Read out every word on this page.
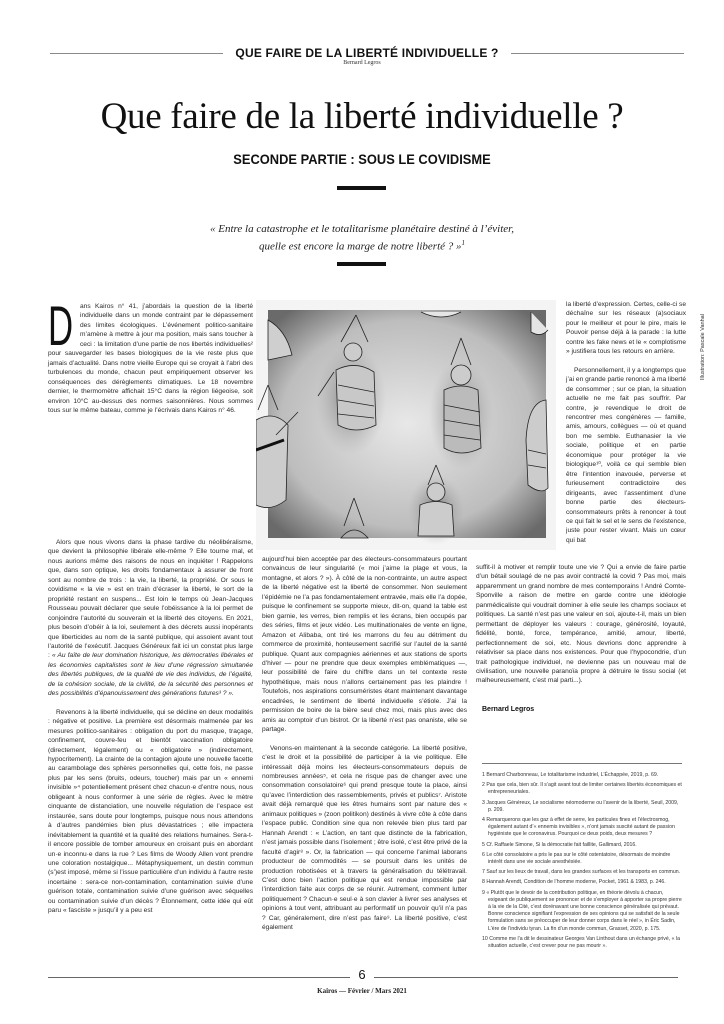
QUE FAIRE DE LA LIBERTÉ INDIVIDUELLE ?
Bernard Legros
Que faire de la liberté individuelle ?
SECONDE PARTIE : SOUS LE COVIDISME
« Entre la catastrophe et le totalitarisme planétaire destiné à l’éviter,
quelle est encore la marge de notre liberté ? »$^1$
Illustration: Pascale Vanhal

D ans Kairos n° 41, j’abordais la question de la liberté individuelle dans un monde contraint par le dépassement des limites écologiques. L’événement politico-sanitaire m’amène à mettre à jour ma position, mais sans toucher à ceci : la limitation d’une partie de nos libertés individuelles² pour sauvegarder les bases biologiques de la vie reste plus que jamais d’actualité. Dans notre vieille Europe qui se croyait à l’abri des turbulences du monde, chacun peut empiriquement observer les conséquences des dérèglements climatiques. Le 18 novembre dernier, le thermomètre affichait 15°C dans la région liégeoise, soit environ 10°C au-dessus des normes saisonnières. Nous sommes tous sur le même bateau, comme je l’écrivais dans Kairos n° 46.

Alors que nous vivons dans la phase tardive du néolibéralisme, que devient la philosophie libérale elle-même ? Elle tourne mal, et nous aurions même des raisons de nous en inquiéter ! Rappelons que, dans son optique, les droits fondamentaux à assurer de front sont au nombre de trois : la vie, la liberté, la propriété. Or sous le covidisme « la vie » est en train d’écraser la liberté, le sort de la propriété restant en suspens... Est loin le temps où Jean-Jacques Rousseau pouvait déclarer que seule l’obéissance à la loi permet de conjoindre l’autorité du souverain et la liberté des citoyens. En 2021, plus besoin d’obéir à la loi, seulement à des décrets aussi inopérants que liberticides au nom de la santé publique, qui assoient avant tout l’autorité de l’exécutif. Jacques Généreux fait ici un constat plus large : « Au faîte de leur domination historique, les démocraties libérales et les économies capitalistes sont le lieu d’une régression simultanée des libertés publiques, de la qualité de vie des individus, de l’égalité, de la cohésion sociale, de la civilité, de la sécurité des personnes et des possibilités d’épanouissement des générations futures³ ? ».

Revenons à la liberté individuelle, qui se décline en deux modalités : négative et positive. La première est désormais malmenée par les mesures politico-sanitaires : obligation du port du masque, traçage, confinement, couvre-feu et bientôt vaccination obligatoire (directement, légalement) ou « obligatoire » (indirectement, hypocritement). La crainte de la contagion ajoute une nouvelle facette au carambolage des sphères personnelles qui, cette fois, ne passe plus par les sens (bruits, odeurs, toucher) mais par un « ennemi invisible »⁴ potentiellement présent chez chacun·e d’entre nous, nous obligeant à nous conformer à une série de règles. Avec le mètre cinquante de distanciation, une nouvelle régulation de l’espace est instaurée, sans doute pour longtemps, puisque nous nous attendons à d’autres pandémies bien plus dévastatrices ; elle impactera inévitablement la quantité et la qualité des relations humaines. Sera-t-il encore possible de tomber amoureux en croisant puis en abordant un·e inconnu·e dans la rue ? Les films de Woody Allen vont prendre une coloration nostalgique... Métaphysiquement, un destin commun (s’)est imposé, même si l’issue particulière d’un individu à l’autre reste incertaine : sera-ce non-contamination, contamination suivie d’une guérison totale, contamination suivie d’une guérison avec séquelles ou contamination suivie d’un décès ? Étonnement, cette idée qui eût paru « fasciste » jusqu’il y a peu est

aujourd’hui bien acceptée par des électeurs-consommateurs pourtant convaincus de leur singularité (« moi j’aime la plage et vous, la montagne, et alors ? »). À côté de la non-contrainte, un autre aspect de la liberté négative est la liberté de consommer. Non seulement l’épidémie ne l’a pas fondamentalement entravée, mais elle l’a dopée, puisque le confinement se supporte mieux, dit-on, quand la table est bien garnie, les verres, bien remplis et les écrans, bien occupés par des séries, films et jeux vidéo. Les multinationales de vente en ligne, Amazon et Alibaba, ont tiré les marrons du feu au détriment du commerce de proximité, honteusement sacrifié sur l’autel de la santé publique. Quant aux compagnies aériennes et aux stations de sports d’hiver — pour ne prendre que deux exemples emblématiques —, leur possibilité de faire du chiffre dans un tel contexte reste hypothétique, mais nous n’allons certainement pas les plaindre ! Toutefois, nos aspirations consuméristes étant maintenant davantage encadrées, le sentiment de liberté individuelle s’étiole. J’ai la permission de boire de la bière seul chez moi, mais plus avec des amis au comptoir d’un bistrot. Or la liberté n’est pas onaniste, elle se partage.

Venons-en maintenant à la seconde catégorie. La liberté positive, c’est le droit et la possibilité de participer à la vie politique. Elle intéressait déjà moins les électeurs-consommateurs depuis de nombreuses années⁵, et cela ne risque pas de changer avec une consommation consolatoire⁶ qui prend presque toute la place, ainsi qu’avec l’interdiction des rassemblements, privés et publics⁷. Aristote avait déjà remarqué que les êtres humains sont par nature des « animaux politiques » (zoon politikon) destinés à vivre côte à côte dans l’espace public. Condition sine qua non relevée bien plus tard par Hannah Arendt : « L’action, en tant que distincte de la fabrication, n’est jamais possible dans l’isolement ; être isolé, c’est être privé de la faculté d’agir⁸ ». Or, la fabrication — qui concerne l’animal laborans producteur de commodités — se poursuit dans les unités de production robotisées et à travers la généralisation du télétravail. C’est donc bien l’action politique qui est rendue impossible par l’interdiction faite aux corps de se réunir. Autrement, comment lutter politiquement ? Chacun·e seul·e à son clavier à livrer ses analyses et opinions à tout vent, attribuant au performatif un pouvoir qu’il n’a pas ? Car, généralement, dire n’est pas faire⁹. La liberté positive, c’est également

la liberté d’expression. Certes, celle-ci se déchaîne sur les réseaux (a)sociaux pour le meilleur et pour le pire, mais le Pouvoir pense déjà à la parade : la lutte contre les fake news et le « complotisme » justifiera tous les retours en arrière.

Personnellement, il y a longtemps que j’ai en grande partie renoncé à ma liberté de consommer ; sur ce plan, la situation actuelle ne me fait pas souffrir. Par contre, je revendique le droit de rencontrer mes congénères — famille, amis, amours, collègues — où et quand bon me semble. Euthanasier la vie sociale, politique et en partie économique pour protéger la vie biologique¹⁰, voilà ce qui semble bien être l’intention inavouée, perverse et furieusement contradictoire des dirigeants, avec l’assentiment d’une bonne partie des électeurs-consommateurs prêts à renoncer à tout ce qui fait le sel et le sens de l’existence, juste pour rester vivant. Mais un cœur qui bat

suffit-il à motiver et remplir toute une vie ? Qui a envie de faire partie d’un bétail soulagé de ne pas avoir contracté la covid ? Pas moi, mais apparemment un grand nombre de mes contemporains ! André Comte-Sponville a raison de mettre en garde contre une idéologie panmédicaliste qui voudrait dominer à elle seule les champs sociaux et politiques. La santé n’est pas une valeur en soi, ajoute-t-il, mais un bien permettant de déployer les valeurs : courage, générosité, loyauté, fidélité, bonté, force, tempérance, amitié, amour, liberté, perfectionnement de soi, etc. Nous devrions donc apprendre à relativiser sa place dans nos existences. Pour que l’hypocondrie, d’un trait pathologique individuel, ne devienne pas un nouveau mal de civilisation, une nouvelle paranoïa propre à détruire le tissu social (et malheureusement, c’est mal parti...).

Bernard Legros
1 Bernard Charbonneau, Le totalitarisme industriel, L’Échappée, 2019, p. 69.
2 Pas que cela, bien sûr. Il s’agit avant tout de limiter certaines libertés économiques et entrepreneuriales.
3 Jacques Généreux, Le socialisme néomoderne ou l’avenir de la liberté, Seuil, 2009, p. 209.
4 Remarquerons que les gaz à effet de serre, les particules fines et l’électrosmog, également autant d’« ennemis invisibles », n’ont jamais suscité autant de passion hygiéniste que le coronavirus. Pourquoi ce deux poids, deux mesures ?
5 Cf. Raffaele Simone, Si la démocratie fait faillite, Gallimard, 2016.
6 Le côté consolatoire a pris le pas sur le côté ostentatoire, désormais de moindre intérêt dans une vie sociale anesthésiée.
7 Sauf sur les lieux de travail, dans les grandes surfaces et les transports en commun.
8 Hannah Arendt, Condition de l’homme moderne, Pocket, 1961 & 1983, p. 246.
9 « Plutôt que le devoir de la contribution politique, en théorie dévolu à chacun, exigeant de publiquement se prononcer et de s’employer à apporter sa propre pierre à la vie de la Cité, c’est dorénavant une bonne conscience généralisée qui prévaut. Bonne conscience signifiant l’expression de ses opinions qui se satisfait de la seule formulation sans se préoccuper de leur donner corps dans le réel », in Éric Sadin, L’ère de l’individu tyran. La fin d’un monde commun, Grasset, 2020, p. 175.
10 Comme me l’a dit le dessinateur Georges Van Linthout dans un échange privé, « la situation actuelle, c’est crever pour ne pas mourir ».
6
Kairos — Février / Mars 2021
